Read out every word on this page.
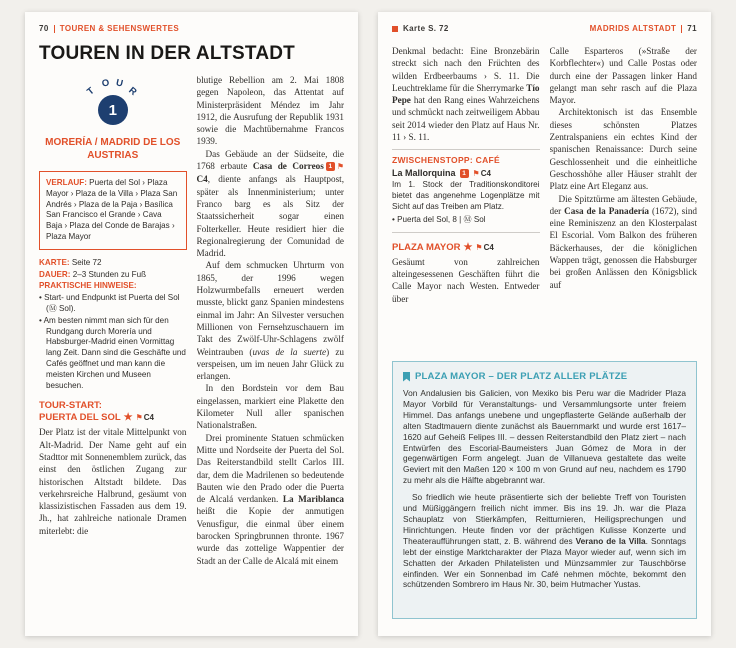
70 TOUREN & SEHENSWERTES
TOUREN IN DER ALTSTADT
T
O U
R
1
MORERÍA / MADRID DE LOS AUSTRIAS
VERLAUF: Puerta del Sol › Plaza Mayor › Plaza de la Villa › Plaza San Andrés › Plaza de la Paja › Basílica San Francisco el Grande › Cava Baja › Plaza del Conde de Barajas › Plaza Mayor
KARTE: Seite 72
DAUER: 2–3 Stunden zu Fuß
PRAKTISCHE HINWEISE:
• Start- und Endpunkt ist Puerta del Sol (Ⓜ Sol).
• Am besten nimmt man sich für den Rundgang durch Morería und Habsburger-Madrid einen Vormittag lang Zeit. Dann sind die Geschäfte und Cafés geöffnet und man kann die meisten Kirchen und Museen besuchen.
TOUR-START:
PUERTA DEL SOL ★ ⚑ C4

Der Platz ist der vitale Mittelpunkt von Alt-Madrid. Der Name geht auf ein Stadttor mit Sonnenemblem zurück, das einst den östlichen Zugang zur historischen Altstadt bildete. Das verkehrsreiche Halbrund, gesäumt von klassizistischen Fassaden aus dem 19. Jh., hat zahlreiche nationale Dramen miterlebt: die

blutige Rebellion am 2. Mai 1808 gegen Napoleon, das Attentat auf Ministerpräsident Méndez im Jahr 1912, die Ausrufung der Republik 1931 sowie die Machtübernahme Francos 1939.

Das Gebäude an der Südseite, die 1768 erbaute Casa de Correos 1 ⚑ C4, diente anfangs als Hauptpost, später als Innenministerium; unter Franco barg es als Sitz der Staatssicherheit sogar einen Folterkeller. Heute residiert hier die Regionalregierung der Comunidad de Madrid.

Auf dem schmucken Uhrturm von 1865, der 1996 wegen Holzwurmbefalls erneuert werden musste, blickt ganz Spanien mindestens einmal im Jahr: An Silvester versuchen Millionen von Fernsehzuschauern im Takt des Zwölf-Uhr-Schlagens zwölf Weintrauben (uvas de la suerte) zu verspeisen, um im neuen Jahr Glück zu erlangen.

In den Bordstein vor dem Bau eingelassen, markiert eine Plakette den Kilometer Null aller spanischen Nationalstraßen.

Drei prominente Statuen schmücken Mitte und Nordseite der Puerta del Sol. Das Reiterstandbild stellt Carlos III. dar, dem die Madrilenen so bedeutende Bauten wie den Prado oder die Puerta de Alcalá verdanken. La Mariblanca heißt die Kopie der anmutigen Venusfigur, die einmal über einem barocken Springbrunnen thronte. 1967 wurde das zottelige Wappentier der Stadt an der Calle de Alcalá mit einem

Karte S. 72	MADRIDS ALTSTADT 71

Denkmal bedacht: Eine Bronzebärin streckt sich nach den Früchten des wilden Erdbeerbaums › S. 11. Die Leuchtreklame für die Sherrymarke Tío Pepe hat den Rang eines Wahrzeichens und schmückt nach zeitweiligem Abbau seit 2014 wieder den Platz auf Haus Nr. 11 › S. 11.

ZWISCHENSTOPP: CAFÉ
La Mallorquina	1 ⚑ C4
Im 1. Stock der Traditionskonditorei bietet das angenehme Logenplätze mit Sicht auf das Treiben am Platz.
• Puerta del Sol, 8 | Ⓜ Sol
PLAZA MAYOR ★ ⚑ C4

Gesäumt von zahlreichen alteingesessenen Geschäften führt die Calle Mayor nach Westen. Entweder über

Calle Esparteros (»Straße der Korbflechter«) und Calle Postas oder durch eine der Passagen linker Hand gelangt man sehr rasch auf die Plaza Mayor.

Architektonisch ist das Ensemble dieses schönsten Platzes Zentralspaniens ein echtes Kind der spanischen Renaissance: Durch seine Geschlossenheit und die einheitliche Geschosshöhe aller Häuser strahlt der Platz eine Art Eleganz aus.

Die Spitztürme am ältesten Gebäude, der Casa de la Panadería (1672), sind eine Reminiszenz an den Klosterpalast El Escorial. Vom Balkon des früheren Bäckerhauses, der die königlichen Wappen trägt, genossen die Habsburger bei großen Anlässen den Königsblick auf

PLAZA MAYOR – DER PLATZ ALLER PLÄTZE

Von Andalusien bis Galicien, von Mexiko bis Peru war die Madrider Plaza Mayor Vorbild für Veranstaltungs- und Versammlungsorte unter freiem Himmel. Das anfangs unebene und ungepflasterte Gelände außerhalb der alten Stadtmauern diente zunächst als Bauernmarkt und wurde erst 1617–1620 auf Geheiß Felipes III. – dessen Reiterstandbild den Platz ziert – nach Entwürfen des Escorial-Baumeisters Juan Gómez de Mora in der gegenwärtigen Form angelegt. Juan de Villanueva gestaltete das weite Geviert mit den Maßen 120 × 100 m von Grund auf neu, nachdem es 1790 zu mehr als die Hälfte abgebrannt war.

So friedlich wie heute präsentierte sich der beliebte Treff von Touristen und Müßiggängern freilich nicht immer. Bis ins 19. Jh. war die Plaza Schauplatz von Stierkämpfen, Reitturnieren, Heiligsprechungen und Hinrichtungen. Heute finden vor der prächtigen Kulisse Konzerte und Theateraufführungen statt, z. B. während des Verano de la Villa. Sonntags lebt der einstige Marktcharakter der Plaza Mayor wieder auf, wenn sich im Schatten der Arkaden Philatelisten und Münzsammler zur Tauschbörse einfinden. Wer ein Sonnenbad im Café nehmen möchte, bekommt den schützenden Sombrero im Haus Nr. 30, beim Hutmacher Yustas.
